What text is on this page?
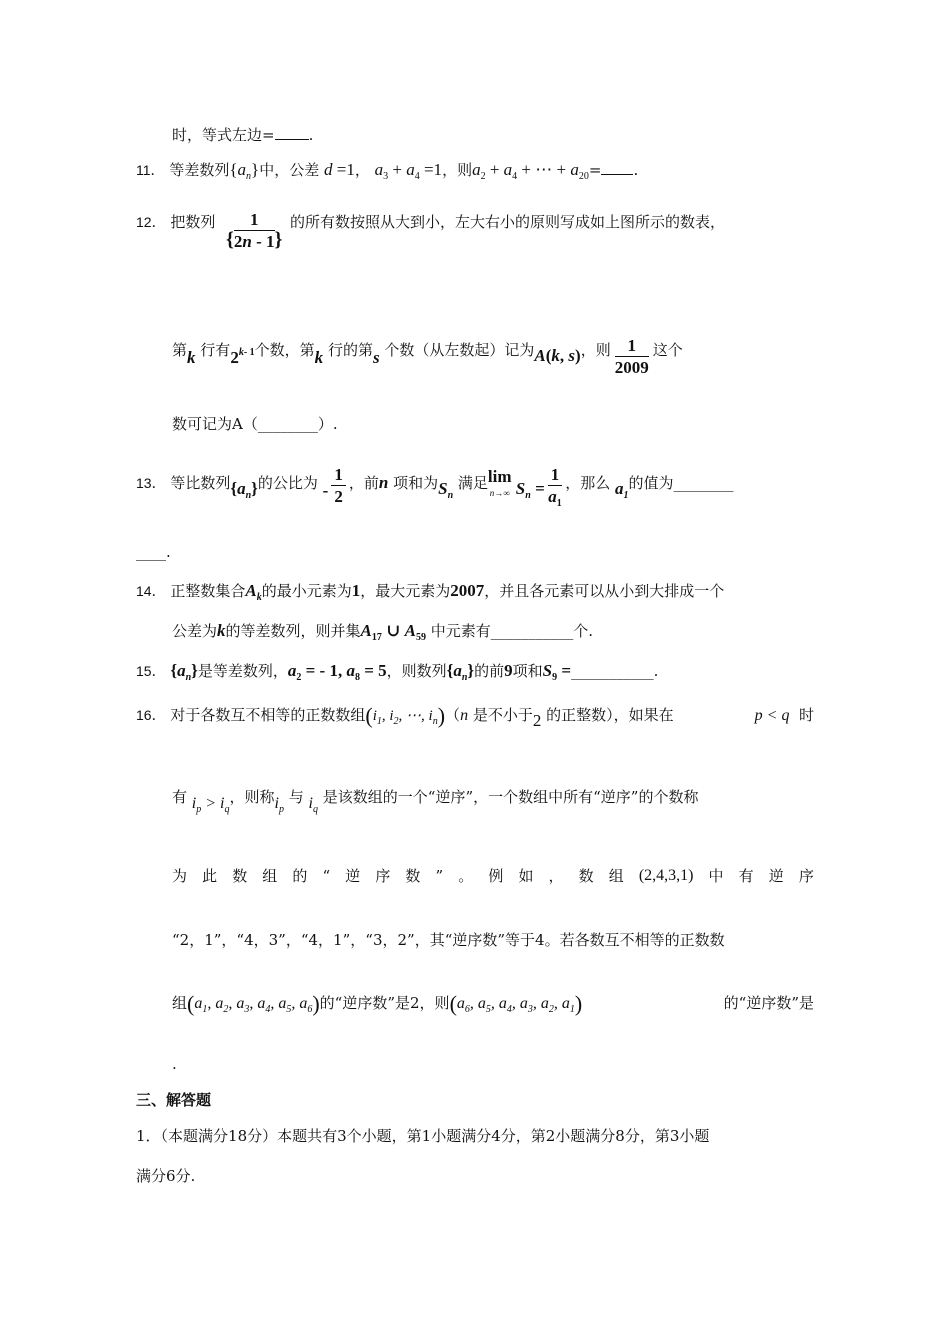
时，等式左边= .
11． 等差数列$\{a_n\}$中，公差 d =1， $a_3 + a_4 =1$，则$a_2 + a_4$ + ⋯ + $a_{20}=$ .
12． 把数列
{ $\frac{1}{2n - 1}$ }
的所有数按照从大到小，左大右小的原则写成如上图所示的数表，
第k 行有2$^{k- 1}$个数，第k 行的第s 个数（从左数起）记为A(k, s)，则 $\frac{1}{2009}$ 这个
数可记为A（________）.
13． 等比数列$\{a_n\}$的公比为 - $\frac{1}{2}$ ，前n 项和为$S_n$ 满足lim
n→∞ $S_n = \frac{1}{a_1}$ ，那么 $a_1$的值为________
____.
14． 正整数集合$A_k$的最小元素为1，最大元素为2007，并且各元素可以从小到大排成一个
公差为k的等差数列，则并集$A_{17}$ ∪ $A_{59}$ 中元素有___________个.
15． $\{a_n\}$是等差数列，$a_2$ = - 1, $a_8 = 5$，则数列$\{a_n\}$的前9项和$S_9$ =___________.
16． 对于各数互不相等的正数数组($i_1$, $i_2$, ⋯, $i_n)(n$ 是不小于2 的正整数），如果在	p < q 时
有 $i_p > i_q$，则称$i_p$ 与 $i_q$ 是该数组的一个“逆序”，一个数组中所有“逆序”的个数称
为 此 数 组 的 “ 逆 序 数 ” 。 例 如 ， 数 组 (2,4,3,1) 中 有 逆 序
“2，1”，“4，3”，“4，1”，“3，2”，其“逆序数”等于4。若各数互不相等的正数数
组($a_1$, $a_2$, $a_3$, $a_4$, $a_5$, $a_6$)的“逆序数”是2，则($a_6$, $a_5$, $a_4$, $a_3$, $a_2$, $a_1$)	的“逆序数”是
.
三、解答题
1．（本题满分18分）本题共有3个小题，第1小题满分4分，第2小题满分8分，第3小题
满分6分.
